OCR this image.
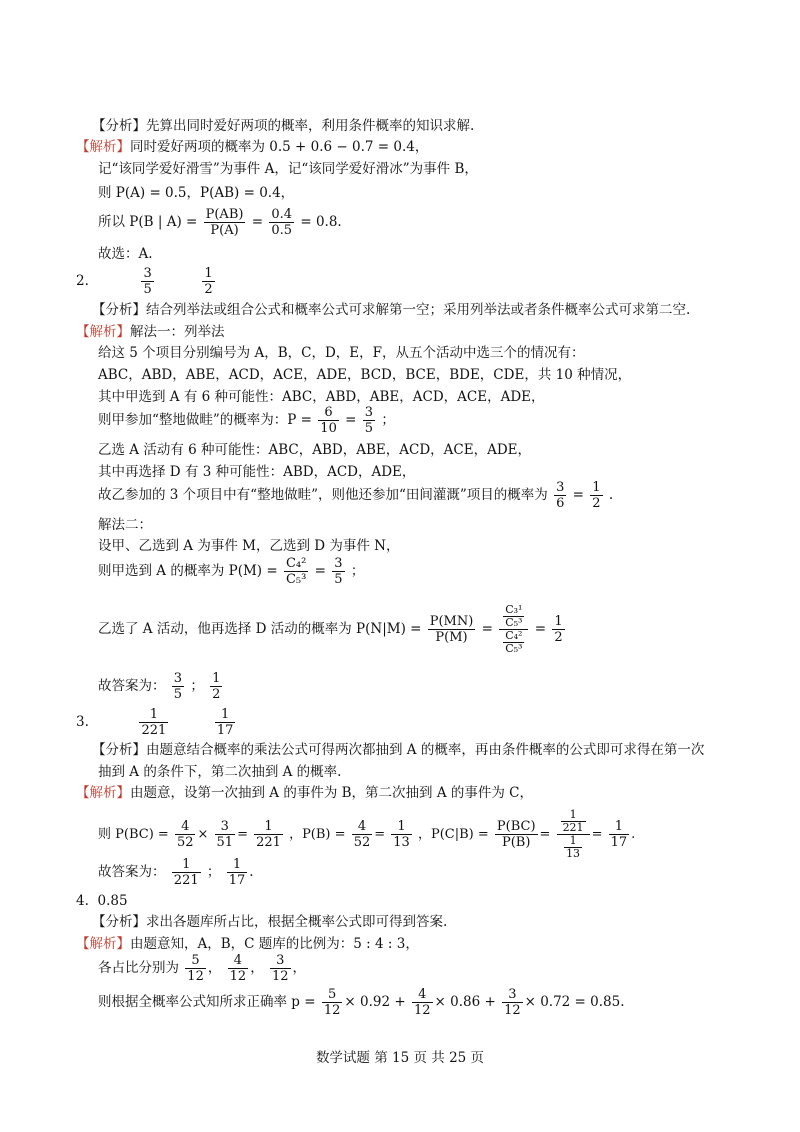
【分析】先算出同时爱好两项的概率，利用条件概率的知识求解.
【解析】同时爱好两项的概率为 0.5 + 0.6 − 0.7 = 0.4，
记“该同学爱好滑雪”为事件 A，记“该同学爱好滑冰”为事件 B，
则 P(A) = 0.5，P(AB) = 0.4，
所以 P(B | $A) = \frac{P(AB)}{P(A)} = \frac{0.4}{0.5} = 0.8$.
故选：A.
2.	$\frac{3}{5}$
	$\frac{1}{2}$
【分析】结合列举法或组合公式和概率公式可求解第一空；采用列举法或者条件概率公式可求第二空.
【解析】解法一：列举法
给这 5 个项目分别编号为 A，B，C，D，E，F，从五个活动中选三个的情况有：
ABC，ABD，ABE，ACD，ACE，ADE，BCD，BCE，BDE，CDE，共 10 种情况，
其中甲选到 A 有 6 种可能性：ABC，ABD，ABE，ACD，ACE，ADE，
则甲参加“整地做畦”的概率为：$P = \frac{6}{10} = \frac{3}{5}$ ；
乙选 A 活动有 6 种可能性：ABC，ABD，ABE，ACD，ACE，ADE，
其中再选择 D 有 3 种可能性：ABD，ACD，ADE，
故乙参加的 3 个项目中有“整地做畦”，则他还参加“田间灌溉”项目的概率为 $\frac{3}{6} = \frac{1}{2}$ .
解法二：
设甲、乙选到 A 为事件 M，乙选到 D 为事件 N，
则甲选到 A 的概率为 $P(M) = \frac{\text{C₄²}}{\text{C₅³}} = \frac{3}{5}$ ；
乙选了 A 活动，他再选择 D 活动的概率为 $P(N|M) = \frac{P(MN)}{P(M)} = \frac{\frac{\text{C₃¹}}{\text{C₅³}}}{\frac{\text{C₄²}}{\text{C₅³}}} = \frac{1}{2}$
故答案为： $\frac{3}{5}$ ； $\frac{1}{2}$
3.	$\frac{1}{221}$
	$\frac{1}{17}$
【分析】由题意结合概率的乘法公式可得两次都抽到 A 的概率，再由条件概率的公式即可求得在第一次
抽到 A 的条件下，第二次抽到 A 的概率.
【解析】由题意，设第一次抽到 A 的事件为 B，第二次抽到 A 的事件为 C，
则 $P(BC) = \frac{4}{52} \times \frac{3}{51} = \frac{1}{221}$ ，$P(B) = \frac{4}{52} = \frac{1}{13}$ ，$P(C|B) = \frac{P(BC)}{P(B)} = \frac{\frac{1}{221}}{\frac{1}{13}} = \frac{1}{17}$ .
故答案为： $\frac{1}{221}$ ； $\frac{1}{17}$ .
4. 0.85
【分析】求出各题库所占比，根据全概率公式即可得到答案.
【解析】由题意知，A，B，C 题库的比例为：5 : 4 : 3，
各占比分别为 $\frac{5}{12}$ ， $\frac{4}{12}$ ， $\frac{3}{12}$ ，
则根据全概率公式知所求正确率 $p = \frac{5}{12} \times 0.92 + \frac{4}{12} \times 0.86 + \frac{3}{12} \times 0.72 = 0.85$.
数学试题 第 15 页 共 25 页
